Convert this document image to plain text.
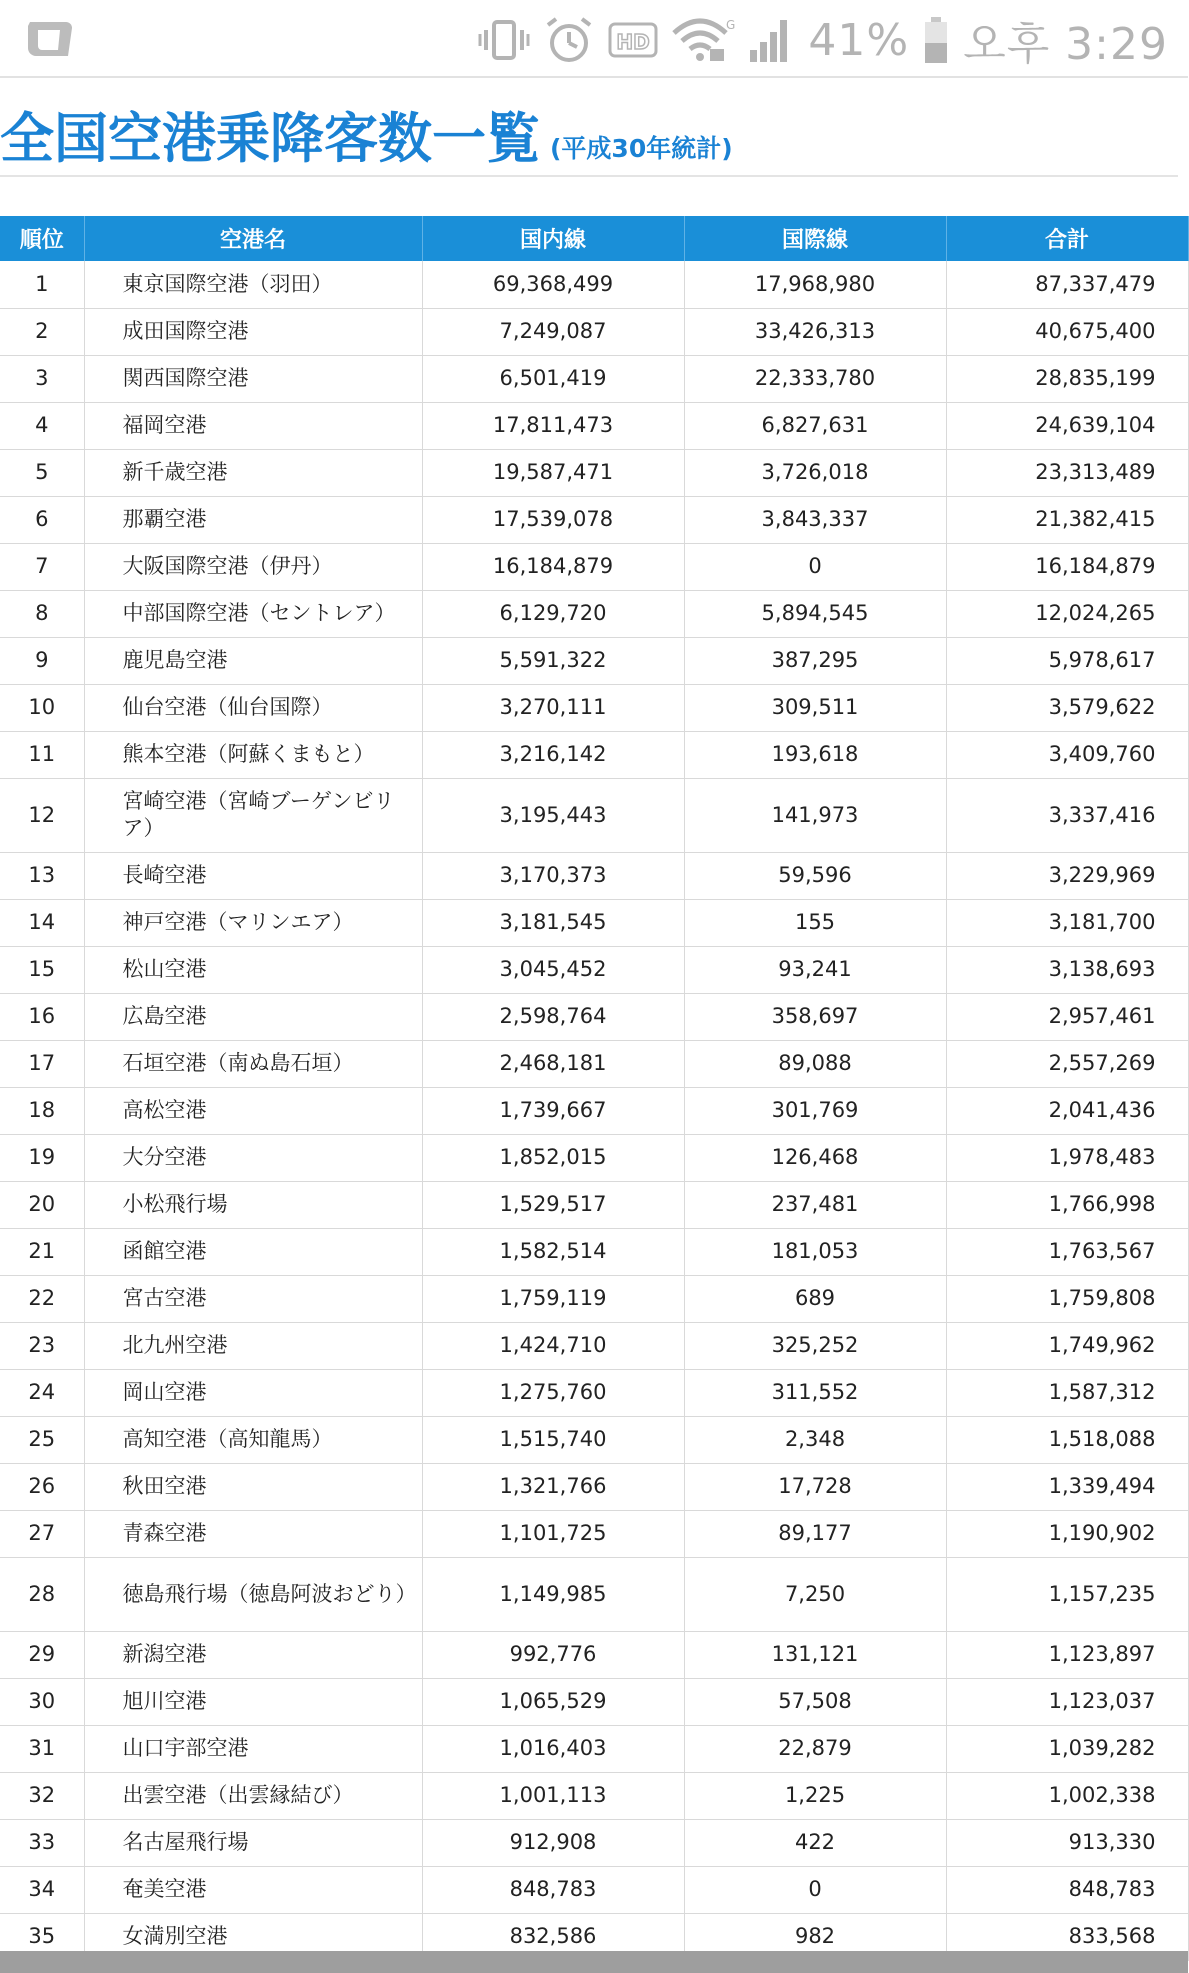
HD
G 41% 오후 3:29
全国空港乗降客数一覧 (平成30年統計)
順位	空港名	国内線	国際線	合計
1	東京国際空港（羽田）	69,368,499	17,968,980	87,337,479
2	成田国際空港	7,249,087	33,426,313	40,675,400
3	関西国際空港	6,501,419	22,333,780	28,835,199
4	福岡空港	17,811,473	6,827,631	24,639,104
5	新千歳空港	19,587,471	3,726,018	23,313,489
6	那覇空港	17,539,078	3,843,337	21,382,415
7	大阪国際空港（伊丹）	16,184,879	0	16,184,879
8	中部国際空港（セントレア）	6,129,720	5,894,545	12,024,265
9	鹿児島空港	5,591,322	387,295	5,978,617
10	仙台空港（仙台国際）	3,270,111	309,511	3,579,622
11	熊本空港（阿蘇くまもと）	3,216,142	193,618	3,409,760
12	宮崎空港（宮崎ブーゲンビリア）	3,195,443	141,973	3,337,416
13	長崎空港	3,170,373	59,596	3,229,969
14	神戸空港（マリンエア）	3,181,545	155	3,181,700
15	松山空港	3,045,452	93,241	3,138,693
16	広島空港	2,598,764	358,697	2,957,461
17	石垣空港（南ぬ島石垣）	2,468,181	89,088	2,557,269
18	高松空港	1,739,667	301,769	2,041,436
19	大分空港	1,852,015	126,468	1,978,483
20	小松飛行場	1,529,517	237,481	1,766,998
21	函館空港	1,582,514	181,053	1,763,567
22	宮古空港	1,759,119	689	1,759,808
23	北九州空港	1,424,710	325,252	1,749,962
24	岡山空港	1,275,760	311,552	1,587,312
25	高知空港（高知龍馬）	1,515,740	2,348	1,518,088
26	秋田空港	1,321,766	17,728	1,339,494
27	青森空港	1,101,725	89,177	1,190,902
28	徳島飛行場（徳島阿波おどり）	1,149,985	7,250	1,157,235
29	新潟空港	992,776	131,121	1,123,897
30	旭川空港	1,065,529	57,508	1,123,037
31	山口宇部空港	1,016,403	22,879	1,039,282
32	出雲空港（出雲縁結び）	1,001,113	1,225	1,002,338
33	名古屋飛行場	912,908	422	913,330
34	奄美空港	848,783	0	848,783
35	女満別空港	832,586	982	833,568
